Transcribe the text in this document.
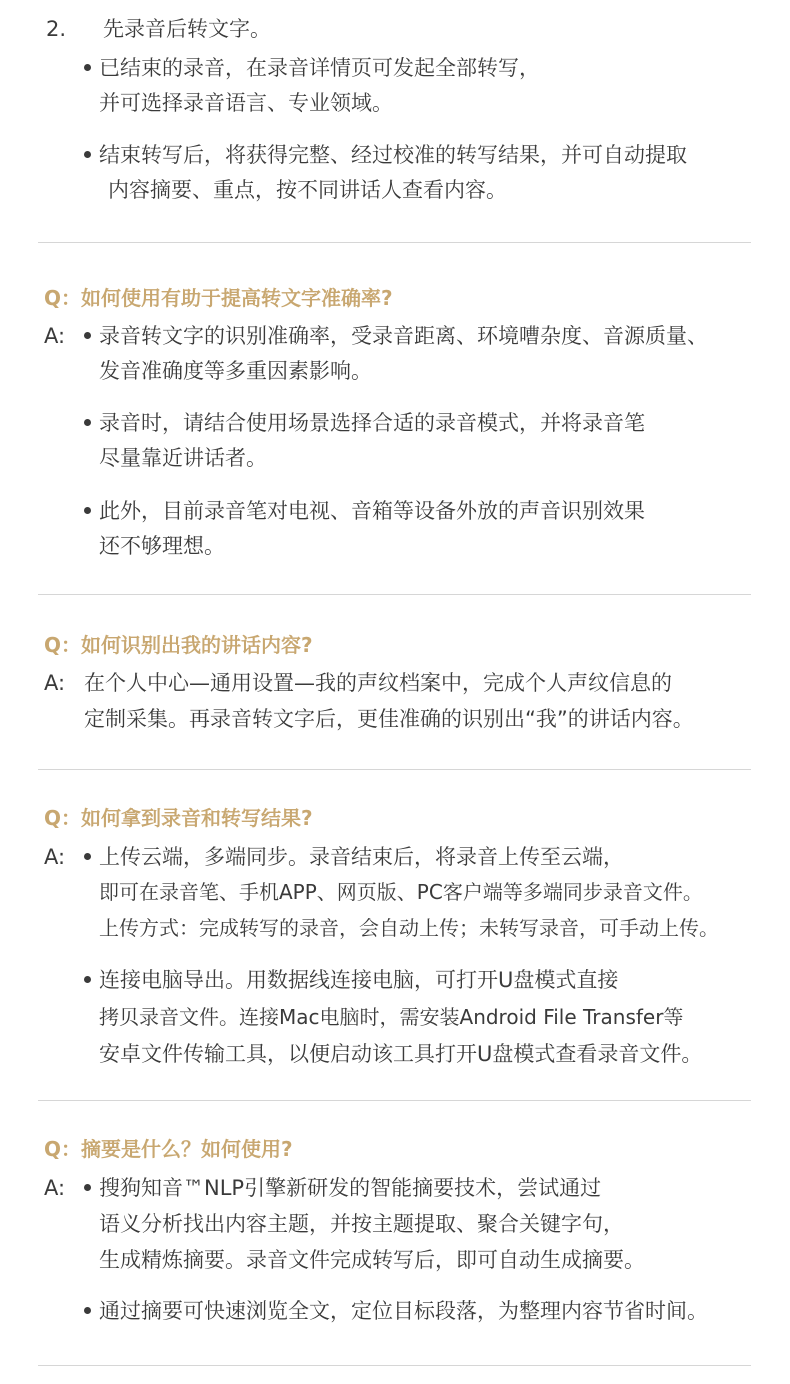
2. 先录音后转文字。
已结束的录音，在录音详情页可发起全部转写，
并可选择录音语言、专业领域。
结束转写后，将获得完整、经过校准的转写结果，并可自动提取
内容摘要、重点，按不同讲话人查看内容。
Q：如何使用有助于提高转文字准确率?
A: 录音转文字的识别准确率，受录音距离、环境嘈杂度、音源质量、
发音准确度等多重因素影响。
录音时，请结合使用场景选择合适的录音模式，并将录音笔
尽量靠近讲话者。
此外，目前录音笔对电视、音箱等设备外放的声音识别效果
还不够理想。
Q：如何识别出我的讲话内容?
A: 在个人中心—通用设置—我的声纹档案中，完成个人声纹信息的
定制采集。再录音转文字后，更佳准确的识别出“我”的讲话内容。
Q：如何拿到录音和转写结果?
A: 上传云端，多端同步。录音结束后，将录音上传至云端，
即可在录音笔、手机APP、网页版、PC客户端等多端同步录音文件。
上传方式：完成转写的录音，会自动上传；未转写录音，可手动上传。
连接电脑导出。用数据线连接电脑，可打开U盘模式直接
拷贝录音文件。连接Mac电脑时，需安装Android File Transfer等
安卓文件传输工具，以便启动该工具打开U盘模式查看录音文件。
Q：摘要是什么？如何使用?
A: 搜狗知音™NLP引擎新研发的智能摘要技术，尝试通过
语义分析找出内容主题，并按主题提取、聚合关键字句，
生成精炼摘要。录音文件完成转写后，即可自动生成摘要。
通过摘要可快速浏览全文，定位目标段落，为整理内容节省时间。
